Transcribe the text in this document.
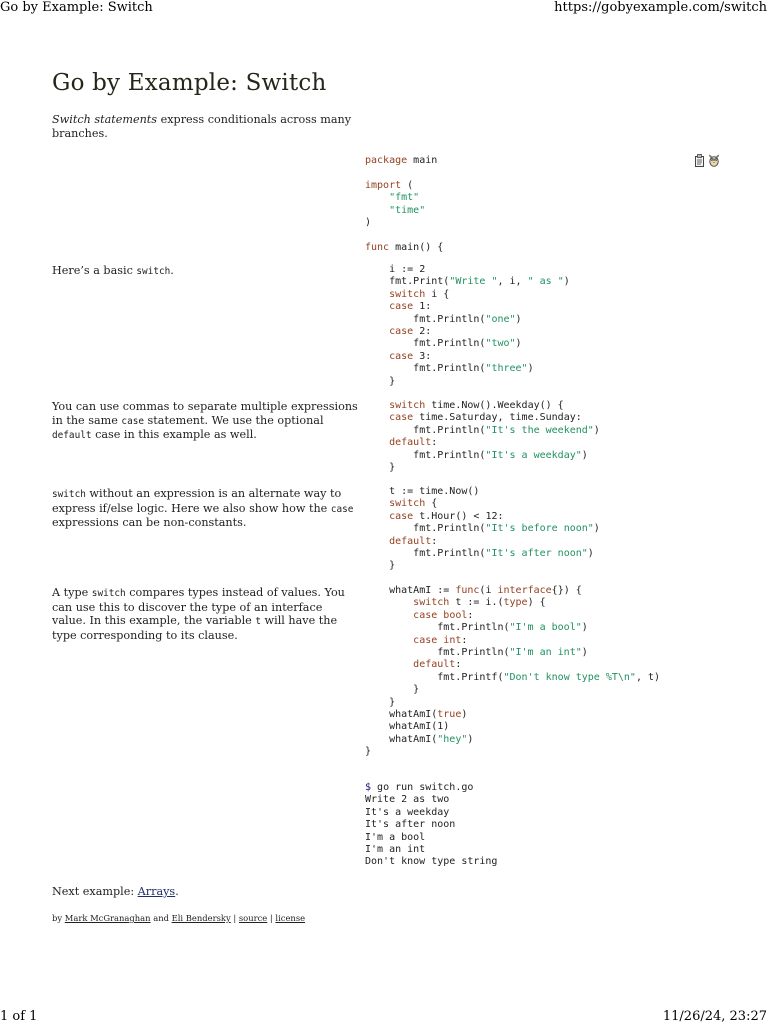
Go by Example: Switch	https://gobyexample.com/switch
1 of 1	11/26/24, 23:27
Go by Example: Switch
Switch statements express conditionals across many branches.
package main

import (
"fmt"
"time"
)

func main() {
Here’s a basic switch.	i := 2
fmt.Print("Write ", i, " as ")
switch i {
case 1:
fmt.Println("one")
case 2:
fmt.Println("two")
case 3:
fmt.Println("three")
}
You can use commas to separate multiple expressions in the same case statement. We use the optional default case in this example as well.
switch time.Now().Weekday() {
case time.Saturday, time.Sunday:
fmt.Println("It's the weekend")
default:
fmt.Println("It's a weekday")
}
switch without an expression is an alternate way to express if/else logic. Here we also show how the case expressions can be non-constants.
t := time.Now()
switch {
case t.Hour() < 12:
fmt.Println("It's before noon")
default:
fmt.Println("It's after noon")
}
A type switch compares types instead of values. You can use this to discover the type of an interface value. In this example, the variable t will have the type corresponding to its clause.
whatAmI := func(i interface{}) {
switch t := i.(type) {
case bool:
fmt.Println("I'm a bool")
case int:
fmt.Println("I'm an int")
default:
fmt.Printf("Don't know type %T\n", t)
}
}
whatAmI(true)
whatAmI(1)
whatAmI("hey")
}
$ go run switch.go
Write 2 as two
It's a weekday
It's after noon
I'm a bool
I'm an int
Don't know type string
Next example: Arrays.
by Mark McGranaghan and Eli Bendersky | source | license
